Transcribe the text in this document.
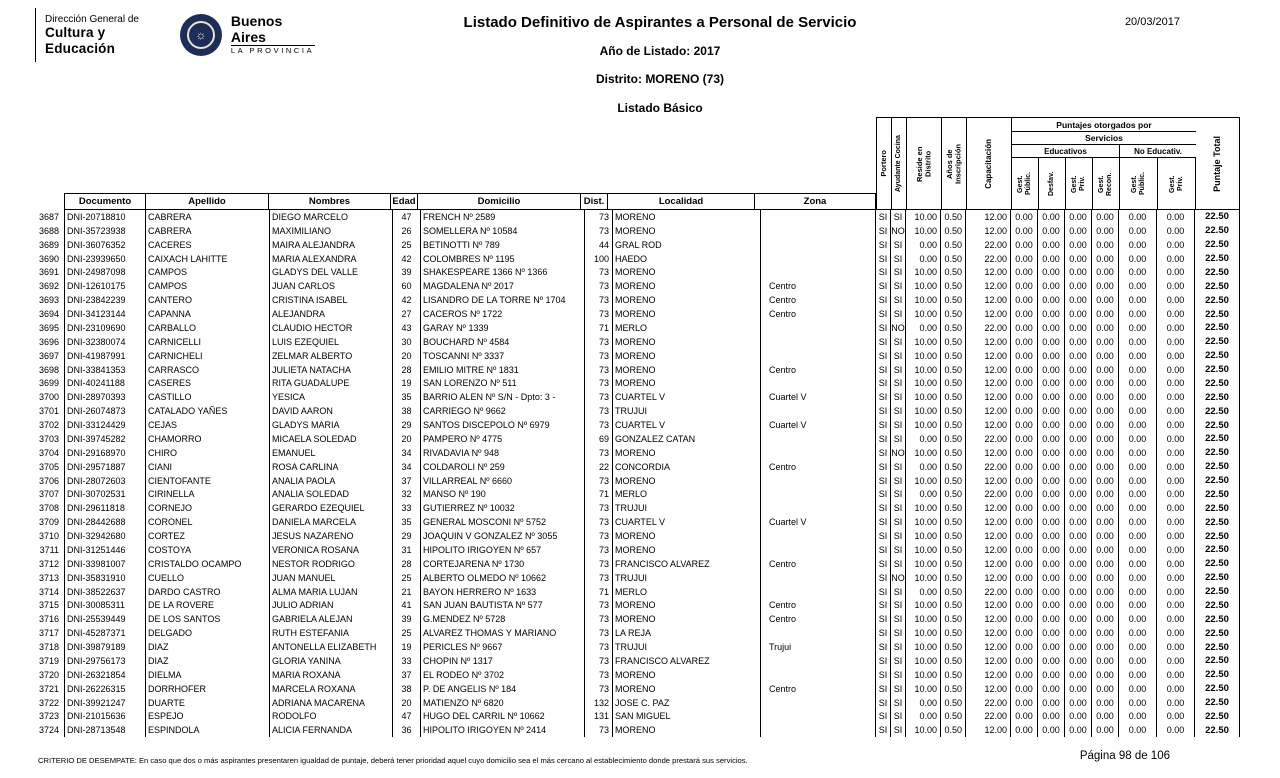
Dirección General de
Cultura y Educación
☼
Buenos Aires
LA PROVINCIA
Listado Definitivo de Aspirantes a Personal de Servicio	20/03/2017
Año de Listado: 2017
Distrito: MORENO (73)
Listado Básico
Documento	Apellido	Nombres	Edad	Domicilio	Dist.	Localidad	Zona
Portero Ayudante Cocina Reside en Distrito Años de Inscripción	Capacitación
Puntajes otorgados por
Servicios
Educativos	No Educativ.
Gest. Públic. Desfav. Gest. Priv. Gest. Recon.	Gest. Públic.	Gest. Priv.	Puntaje Total
3687 DNI-20718810	CABRERA	DIEGO MARCELO	47	FRENCH Nº 2589	73 MORENO	SI SI	10.00 0.50	12.00 0.00	0.00	0.00	0.00	0.00	0.00	22.50
3688 DNI-35723938	CABRERA	MAXIMILIANO	26	SOMELLERA Nº 10584	73 MORENO	SI NO	10.00 0.50	12.00 0.00	0.00	0.00	0.00	0.00	0.00	22.50
3689 DNI-36076352	CACERES	MAIRA ALEJANDRA	25	BETINOTTI Nº 789	44 GRAL ROD	SI SI	0.00 0.50	22.00 0.00	0.00	0.00	0.00	0.00	0.00	22.50
3690 DNI-23939650	CAIXACH LAHITTE	MARIA ALEXANDRA	42	COLOMBRES Nº 1195	100 HAEDO	SI SI	0.00 0.50	22.00 0.00	0.00	0.00	0.00	0.00	0.00	22.50
3691 DNI-24987098	CAMPOS	GLADYS DEL VALLE	39	SHAKESPEARE 1366 Nº 1366	73 MORENO	SI SI	10.00 0.50	12.00 0.00	0.00	0.00	0.00	0.00	0.00	22.50
3692 DNI-12610175	CAMPOS	JUAN CARLOS	60	MAGDALENA Nº 2017	73 MORENO	Centro	SI SI	10.00 0.50	12.00 0.00	0.00	0.00	0.00	0.00	0.00	22.50
3693 DNI-23842239	CANTERO	CRISTINA ISABEL	42	LISANDRO DE LA TORRE Nº 1704	73 MORENO	Centro	SI SI	10.00 0.50	12.00 0.00	0.00	0.00	0.00	0.00	0.00	22.50
3694 DNI-34123144	CAPANNA	ALEJANDRA	27	CACEROS Nº 1722	73 MORENO	Centro	SI SI	10.00 0.50	12.00 0.00	0.00	0.00	0.00	0.00	0.00	22.50
3695 DNI-23109690	CARBALLO	CLAUDIO HECTOR	43	GARAY Nº 1339	71 MERLO	SI NO	0.00 0.50	22.00 0.00	0.00	0.00	0.00	0.00	0.00	22.50
3696 DNI-32380074	CARNICELLI	LUIS EZEQUIEL	30	BOUCHARD Nº 4584	73 MORENO	SI SI	10.00 0.50	12.00 0.00	0.00	0.00	0.00	0.00	0.00	22.50
3697 DNI-41987991	CARNICHELI	ZELMAR ALBERTO	20	TOSCANNI Nº 3337	73 MORENO	SI SI	10.00 0.50	12.00 0.00	0.00	0.00	0.00	0.00	0.00	22.50
3698 DNI-33841353	CARRASCO	JULIETA NATACHA	28	EMILIO MITRE Nº 1831	73 MORENO	Centro	SI SI	10.00 0.50	12.00 0.00	0.00	0.00	0.00	0.00	0.00	22.50
3699 DNI-40241188	CASERES	RITA GUADALUPE	19	SAN LORENZO Nº 511	73 MORENO	SI SI	10.00 0.50	12.00 0.00	0.00	0.00	0.00	0.00	0.00	22.50
3700 DNI-28970393	CASTILLO	YESICA	35	BARRIO ALEN Nº S/N - Dpto: 3 -	73 CUARTEL V	Cuartel V	SI SI	10.00 0.50	12.00 0.00	0.00	0.00	0.00	0.00	0.00	22.50
3701 DNI-26074873	CATALADO YAÑES	DAVID AARON	38	CARRIEGO Nº 9662	73 TRUJUI	SI SI	10.00 0.50	12.00 0.00	0.00	0.00	0.00	0.00	0.00	22.50
3702 DNI-33124429	CEJAS	GLADYS MARIA	29	SANTOS DISCEPOLO Nº 6979	73 CUARTEL V	Cuartel V	SI SI	10.00 0.50	12.00 0.00	0.00	0.00	0.00	0.00	0.00	22.50
3703 DNI-39745282	CHAMORRO	MICAELA SOLEDAD	20	PAMPERO Nº 4775	69 GONZALEZ CATAN	SI SI	0.00 0.50	22.00 0.00	0.00	0.00	0.00	0.00	0.00	22.50
3704 DNI-29168970	CHIRO	EMANUEL	34	RIVADAVIA Nº 948	73 MORENO	SI NO	10.00 0.50	12.00 0.00	0.00	0.00	0.00	0.00	0.00	22.50
3705 DNI-29571887	CIANI	ROSA CARLINA	34	COLDAROLI Nº 259	22 CONCORDIA	Centro	SI SI	0.00 0.50	22.00 0.00	0.00	0.00	0.00	0.00	0.00	22.50
3706 DNI-28072603	CIENTOFANTE	ANALIA PAOLA	37	VILLARREAL Nº 6660	73 MORENO	SI SI	10.00 0.50	12.00 0.00	0.00	0.00	0.00	0.00	0.00	22.50
3707 DNI-30702531	CIRINELLA	ANALIA SOLEDAD	32	MANSO Nº 190	71 MERLO	SI SI	0.00 0.50	22.00 0.00	0.00	0.00	0.00	0.00	0.00	22.50
3708 DNI-29611818	CORNEJO	GERARDO EZEQUIEL	33	GUTIERREZ Nº 10032	73 TRUJUI	SI SI	10.00 0.50	12.00 0.00	0.00	0.00	0.00	0.00	0.00	22.50
3709 DNI-28442688	CORONEL	DANIELA MARCELA	35	GENERAL MOSCONI Nº 5752	73 CUARTEL V	Cuartel V	SI SI	10.00 0.50	12.00 0.00	0.00	0.00	0.00	0.00	0.00	22.50
3710 DNI-32942680	CORTEZ	JESUS NAZARENO	29	JOAQUIN V GONZALEZ Nº 3055	73 MORENO	SI SI	10.00 0.50	12.00 0.00	0.00	0.00	0.00	0.00	0.00	22.50
3711 DNI-31251446	COSTOYA	VERONICA ROSANA	31	HIPOLITO IRIGOYEN Nº 657	73 MORENO	SI SI	10.00 0.50	12.00 0.00	0.00	0.00	0.00	0.00	0.00	22.50
3712 DNI-33981007	CRISTALDO OCAMPO	NESTOR RODRIGO	28	CORTEJARENA Nº 1730	73 FRANCISCO ALVAREZ	Centro	SI SI	10.00 0.50	12.00 0.00	0.00	0.00	0.00	0.00	0.00	22.50
3713 DNI-35831910	CUELLO	JUAN MANUEL	25	ALBERTO OLMEDO Nº 10662	73 TRUJUI	SI NO	10.00 0.50	12.00 0.00	0.00	0.00	0.00	0.00	0.00	22.50
3714 DNI-38522637	DARDO CASTRO	ALMA MARIA LUJAN	21	BAYON HERRERO Nº 1633	71 MERLO	SI SI	0.00 0.50	22.00 0.00	0.00	0.00	0.00	0.00	0.00	22.50
3715 DNI-30085311	DE LA ROVERE	JULIO ADRIAN	41	SAN JUAN BAUTISTA Nº 577	73 MORENO	Centro	SI SI	10.00 0.50	12.00 0.00	0.00	0.00	0.00	0.00	0.00	22.50
3716 DNI-25539449	DE LOS SANTOS	GABRIELA ALEJAN	39	G.MENDEZ Nº 5728	73 MORENO	Centro	SI SI	10.00 0.50	12.00 0.00	0.00	0.00	0.00	0.00	0.00	22.50
3717 DNI-45287371	DELGADO	RUTH ESTEFANIA	25	ALVAREZ THOMAS Y MARIANO	73 LA REJA	SI SI	10.00 0.50	12.00 0.00	0.00	0.00	0.00	0.00	0.00	22.50
3718 DNI-39879189	DIAZ	ANTONELLA ELIZABETH	19	PERICLES Nº 9667	73 TRUJUI	Trujui	SI SI	10.00 0.50	12.00 0.00	0.00	0.00	0.00	0.00	0.00	22.50
3719 DNI-29756173	DIAZ	GLORIA YANINA	33	CHOPIN Nº 1317	73 FRANCISCO ALVAREZ	SI SI	10.00 0.50	12.00 0.00	0.00	0.00	0.00	0.00	0.00	22.50
3720 DNI-26321854	DIELMA	MARIA ROXANA	37	EL RODEO Nº 3702	73 MORENO	SI SI	10.00 0.50	12.00 0.00	0.00	0.00	0.00	0.00	0.00	22.50
3721 DNI-26226315	DORRHOFER	MARCELA ROXANA	38	P. DE ANGELIS Nº 184	73 MORENO	Centro	SI SI	10.00 0.50	12.00 0.00	0.00	0.00	0.00	0.00	0.00	22.50
3722 DNI-39921247	DUARTE	ADRIANA MACARENA	20	MATIENZO Nº 6820	132 JOSE C. PAZ	SI SI	0.00 0.50	22.00 0.00	0.00	0.00	0.00	0.00	0.00	22.50
3723 DNI-21015636	ESPEJO	RODOLFO	47	HUGO DEL CARRIL Nº 10662	131 SAN MIGUEL	SI SI	0.00 0.50	22.00 0.00	0.00	0.00	0.00	0.00	0.00	22.50
3724 DNI-28713548	ESPINDOLA	ALICIA FERNANDA	36	HIPOLITO IRIGOYEN Nº 2414	73 MORENO	SI SI	10.00 0.50	12.00 0.00	0.00	0.00	0.00	0.00	0.00	22.50
CRITERIO DE DESEMPATE: En caso que dos o más aspirantes presentaren igualdad de puntaje, deberá tener prioridad aquel cuyo domicilio sea el más cercano al establecimiento donde prestará sus servicios.	Página 98 de 106
